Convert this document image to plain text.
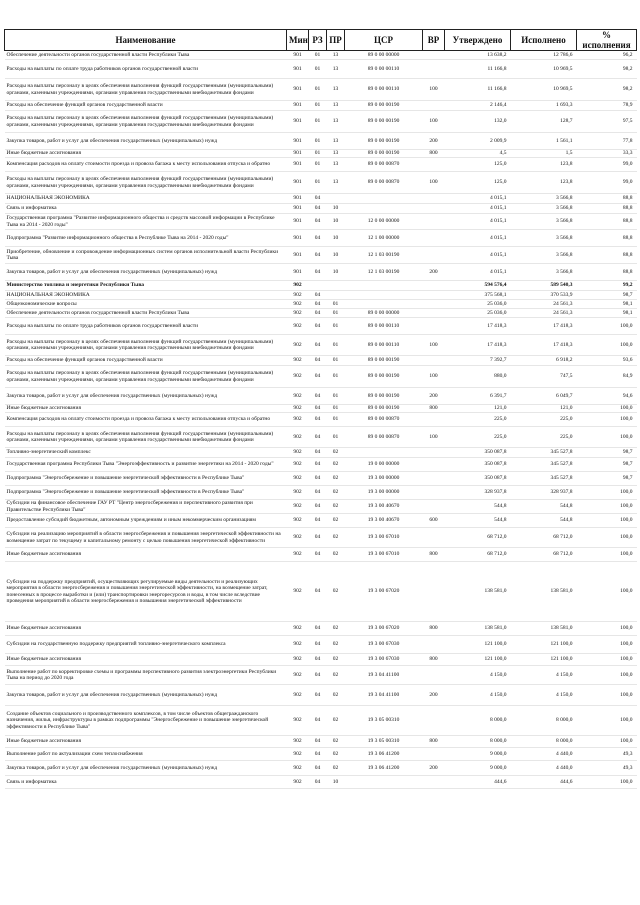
Наименование	Мин	РЗ	ПР	ЦСР	ВР	Утверждено	Исполнено	% исполнения
Обеспечение деятельности органов государственной власти Республики Тыва	901	01	13	89 0 00 00000		13 638,2	12 786,6	96,2
Расходы на выплаты по оплате труда работников органов государственной власти	901	01	13	89 0 00 00110		11 166,8	10 969,5	98,2
Расходы на выплаты персоналу в целях обеспечения выполнения функций государственными (муниципальными) органами, казенными учреждениями, органами управления государственными внебюджетными фондами	901	01	13	89 0 00 00110	100	11 166,8	10 969,5	98,2
Расходы на обеспечение функций органов государственной власти	901	01	13	89 0 00 00190		2 146,4	1 693,3	78,9
Расходы на выплаты персоналу в целях обеспечения выполнения функций государственными (муниципальными) органами, казенными учреждениями, органами управления государственными внебюджетными фондами	901	01	13	89 0 00 00190	100	132,0	128,7	97,5
Закупка товаров, работ и услуг для обеспечения государственных (муниципальных) нужд	901	01	13	89 0 00 00190	200	2 009,9	1 561,1	77,8
Иные бюджетные ассигнования	901	01	13	89 0 00 00190	800	4,5	1,5	33,3
Компенсация расходов на оплату стоимости проезда и провоза багажа к месту использования отпуска и обратно	901	01	13	89 0 00 00870		125,0	123,8	99,0
Расходы на выплаты персоналу в целях обеспечения выполнения функций государственными (муниципальными) органами, казенными учреждениями, органами управления государственными внебюджетными фондами	901	01	13	89 0 00 00870	100	125,0	123,8	99,0
НАЦИОНАЛЬНАЯ ЭКОНОМИКА	901	04				4 015,1	3 566,8	88,8
Связь и информатика	901	04	10			4 015,1	3 566,8	88,8
Государственная программа "Развитие информационного общества и средств массовой информации в Республике Тыва на 2014 - 2020 годы"	901	04	10	12 0 00 00000		4 015,1	3 566,8	88,8
Подпрограмма "Развитие информационного общества в Республике Тыва на 2014 - 2020 годы"	901	04	10	12 1 00 00000		4 015,1	3 566,8	88,8
Приобретение, обновление и сопровождение информационных систем органов исполнительной власти Республики Тыва	901	04	10	12 1 03 00190		4 015,1	3 566,8	88,8
Закупка товаров, работ и услуг для обеспечения государственных (муниципальных) нужд	901	04	10	12 1 03 00190	200	4 015,1	3 566,8	88,8
Министерство топлива и энергетики Республики Тыва	902					594 576,4	589 540,3	99,2
НАЦИОНАЛЬНАЯ ЭКОНОМИКА	902	04				375 568,1	370 533,9	98,7
Общеэкономические вопросы	902	04	01			25 036,0	24 561,3	98,1
Обеспечение деятельности органов государственной власти Республики Тыва	902	04	01	89 0 00 00000		25 036,0	24 561,3	98,1
Расходы на выплаты по оплате труда работников органов государственной власти	902	04	01	89 0 00 00110		17 418,3	17 418,3	100,0
Расходы на выплаты персоналу в целях обеспечения выполнения функций государственными (муниципальными) органами, казенными учреждениями, органами управления государственными внебюджетными фондами	902	04	01	89 0 00 00110	100	17 418,3	17 418,3	100,0
Расходы на обеспечение функций органов государственной власти	902	04	01	89 0 00 00190		7 392,7	6 918,2	93,6
Расходы на выплаты персоналу в целях обеспечения выполнения функций государственными (муниципальными) органами, казенными учреждениями, органами управления государственными внебюджетными фондами	902	04	01	89 0 00 00190	100	880,0	747,5	84,9
Закупка товаров, работ и услуг для обеспечения государственных (муниципальных) нужд	902	04	01	89 0 00 00190	200	6 391,7	6 049,7	94,6
Иные бюджетные ассигнования	902	04	01	89 0 00 00190	800	121,0	121,0	100,0
Компенсация расходов на оплату стоимости проезда и провоза багажа к месту использования отпуска и обратно	902	04	01	89 0 00 00870		225,0	225,0	100,0
Расходы на выплаты персоналу в целях обеспечения выполнения функций государственными (муниципальными) органами, казенными учреждениями, органами управления государственными внебюджетными фондами	902	04	01	89 0 00 00870	100	225,0	225,0	100,0
Топливно-энергетический комплекс	902	04	02			350 087,8	345 527,8	98,7
Государственная программа Республики Тыва "Энергоэффективность и развитие энергетики на 2014 - 2020 годы"	902	04	02	19 0 00 00000		350 087,8	345 527,8	98,7
Подпрограмма "Энергосбережение и повышение энергетической эффективности в Республике Тыва"	902	04	02	19 3 00 00000		350 087,8	345 527,8	98,7
Подпрограмма "Энергосбережение и повышение энергетической эффективности в Республике Тыва"	902	04	02	19 3 00 00000		328 937,8	328 937,8	100,0
Субсидии на финансовое обеспечение ГАУ РТ "Центр энергосбережения и перспективного развития при Правительстве Республики Тыва"	902	04	02	19 3 00 40670		544,8	544,8	100,0
Предоставление субсидий бюджетным, автономным учреждениям и иным некоммерческим организациям	902	04	02	19 3 00 40670	600	544,8	544,8	100,0
Субсидии на реализацию мероприятий в области энергосбережения и повышения энергетической эффективности на возмещение затрат по текущему и капитальному ремонту с целью повышения энергетической эффективности	902	04	02	19 3 00 67010		68 712,0	68 712,0	100,0
Иные бюджетные ассигнования	902	04	02	19 3 00 67010	800	68 712,0	68 712,0	100,0
Субсидии на поддержку предприятий, осуществляющих регулируемые виды деятельности и реализующих мероприятия в области энергосбережения и повышения энергетической эффективности, на возмещение затрат, понесенных в процессе выработки и (или) транспортировки энергоресурсов и воды, в том числе вследствие проведения мероприятий в области энергосбережения и повышения энергетической эффективности	902	04	02	19 3 00 67020		138 581,0	138 581,0	100,0
Иные бюджетные ассигнования	902	04	02	19 3 00 67020	800	138 581,0	138 581,0	100,0
Субсидии на государственную поддержку предприятий топливно-энергетического комплекса	902	04	02	19 3 00 67030		121 100,0	121 100,0	100,0
Иные бюджетные ассигнования	902	04	02	19 3 00 67030	800	121 100,0	121 100,0	100,0
Выполнение работ по корректировке схемы и программы перспективного развития электроэнергетики Республики Тыва на период до 2020 года	902	04	02	19 3 04 41100		4 150,0	4 150,0	100,0
Закупка товаров, работ и услуг для обеспечения государственных (муниципальных) нужд	902	04	02	19 3 04 41100	200	4 150,0	4 150,0	100,0
Создание объектов социального и производственного комплексов, в том числе объектов общегражданского назначения, жилья, инфраструктуры в рамках подпрограммы "Энергосбережение и повышение энергетической эффективности в Республике Тыва"	902	04	02	19 3 05 00310		8 000,0	8 000,0	100,0
Иные бюджетные ассигнования	902	04	02	19 3 05 00310	800	8 000,0	8 000,0	100,0
Выполнение работ по актуализации схем теплоснабжения	902	04	02	19 3 06 41200		9 000,0	4 440,0	49,3
Закупка товаров, работ и услуг для обеспечения государственных (муниципальных) нужд	902	04	02	19 3 06 41200	200	9 000,0	4 440,0	49,3
Связь и информатика	902	04	10			444,6	444,6	100,0
